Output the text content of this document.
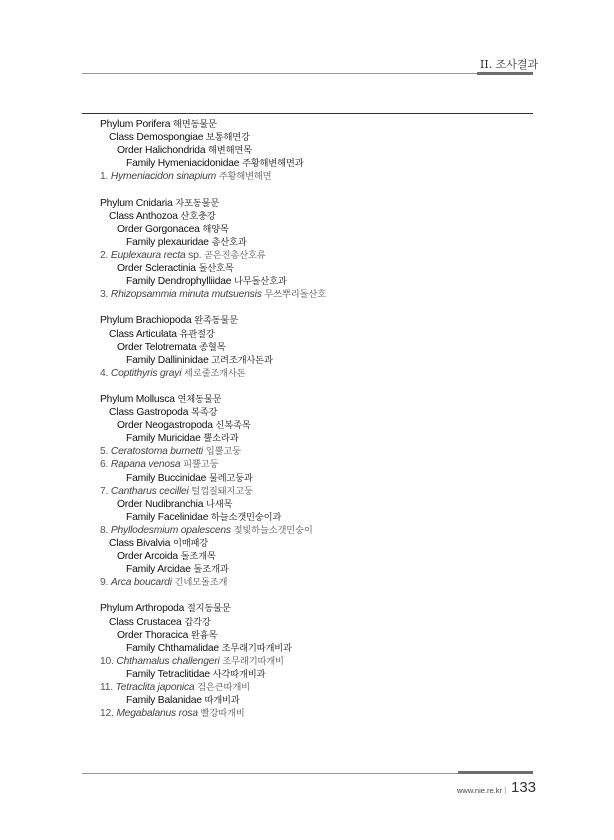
II. 조사결과
Phylum Porifera 해면동물문
Class Demospongiae 보통해면강
Order Halichondrida 해변해면목
Family Hymeniacidonidae 주황해변해면과
1. Hymeniacidon sinapium 주황해변해면
Phylum Cnidaria 자포동물문
Class Anthozoa 산호충강
Order Gorgonacea 해양목
Family plexauridae 총산호과
2. Euplexaura recta sp. 곧은진총산호류
Order Scleractinia 돌산호목
Family Dendrophylliidae 나무돌산호과
3. Rhizopsammia minuta mutsuensis 무쓰뿌리돌산호
Phylum Brachiopoda 완족동물문
Class Articulata 유관절강
Order Telotremata 종혈목
Family Dallininidae 고려조개사돈과
4. Coptithyris grayi 세로줄조개사돈
Phylum Mollusca 연체동물문
Class Gastropoda 복족강
Order Neogastropoda 신복족목
Family Muricidae 뿔소라과
5. Ceratostoma burnetti 입뿔고둥
6. Rapana venosa 피뿔고둥
Family Buccinidae 물레고둥과
7. Cantharus cecillei 털껍질돼지고둥
Order Nudibranchia 나새목
Family Facelinidae 하늘소갯민숭이과
8. Phyllodesmium opalescens 젖빛하늘소갯민숭이
Class Bivalvia 이매패강
Order Arcoida 돌조개목
Family Arcidae 돌조개과
9. Arca boucardi 긴네모돌조개
Phylum Arthropoda 절지동물문
Class Crustacea 갑각강
Order Thoracica 완흉목
Family Chthamalidae 조무래기따개비과
10. Chthamalus challengeri 조무래기따개비
Family Tetraclitidae 사각따개비과
11. Tetraclita japonica 검은큰따개비
Family Balanidae 따개비과
12. Megabalanus rosa 빨강따개비
www.nie.re.kr | 133
